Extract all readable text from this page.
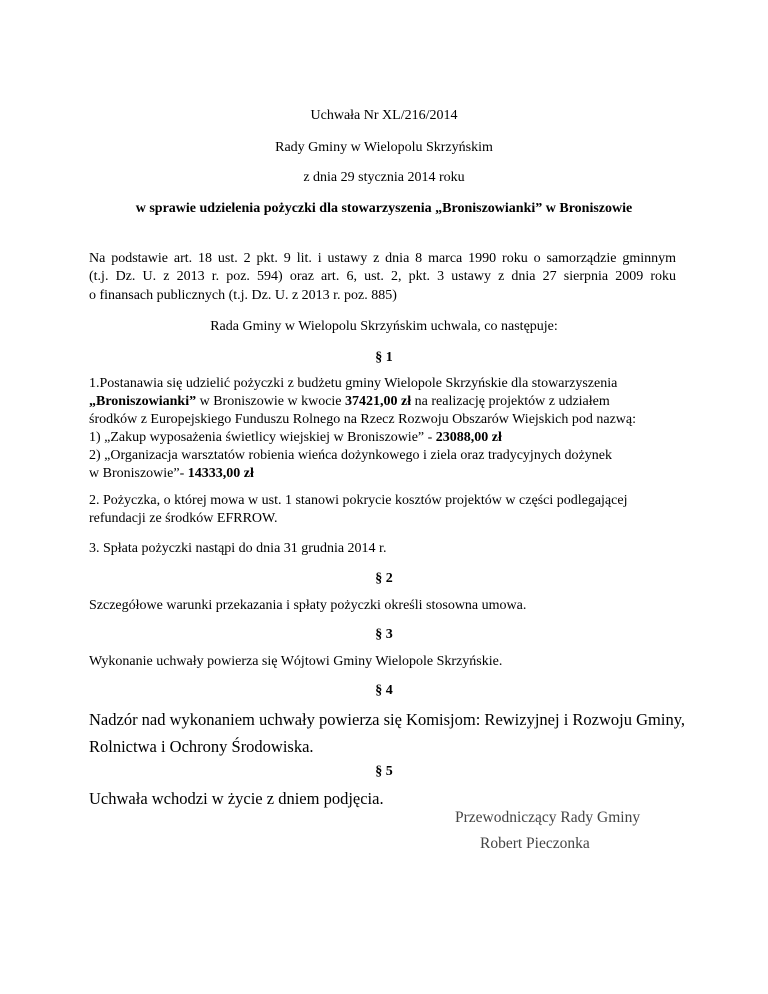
Uchwała Nr XL/216/2014
Rady Gminy w Wielopolu Skrzyńskim
z dnia 29 stycznia 2014 roku
w sprawie udzielenia pożyczki dla stowarzyszenia „Broniszowianki” w Broniszowie
Na podstawie art. 18 ust. 2 pkt. 9 lit. i ustawy z dnia 8 marca 1990 roku o samorządzie gminnym
(t.j. Dz. U. z 2013 r. poz. 594) oraz art. 6, ust. 2, pkt. 3 ustawy z dnia 27 sierpnia 2009 roku
o finansach publicznych (t.j. Dz. U. z 2013 r. poz. 885)
Rada Gminy w Wielopolu Skrzyńskim uchwala, co następuje:
§ 1
1.Postanawia się udzielić pożyczki z budżetu gminy Wielopole Skrzyńskie dla stowarzyszenia
„Broniszowianki” w Broniszowie w kwocie 37421,00 zł na realizację projektów z udziałem
środków z Europejskiego Funduszu Rolnego na Rzecz Rozwoju Obszarów Wiejskich pod nazwą:
1) „Zakup wyposażenia świetlicy wiejskiej w Broniszowie” - 23088,00 zł
2) „Organizacja warsztatów robienia wieńca dożynkowego i ziela oraz tradycyjnych dożynek
w Broniszowie”- 14333,00 zł
2. Pożyczka, o której mowa w ust. 1 stanowi pokrycie kosztów projektów w części podlegającej
refundacji ze środków EFRROW.
3. Spłata pożyczki nastąpi do dnia 31 grudnia 2014 r.
§ 2
Szczegółowe warunki przekazania i spłaty pożyczki określi stosowna umowa.
§ 3
Wykonanie uchwały powierza się Wójtowi Gminy Wielopole Skrzyńskie.
§ 4
Nadzór nad wykonaniem uchwały powierza się Komisjom: Rewizyjnej i Rozwoju Gminy,
Rolnictwa i Ochrony Środowiska.
§ 5
Uchwała wchodzi w życie z dniem podjęcia.
Przewodniczący Rady Gminy
Robert Pieczonka
